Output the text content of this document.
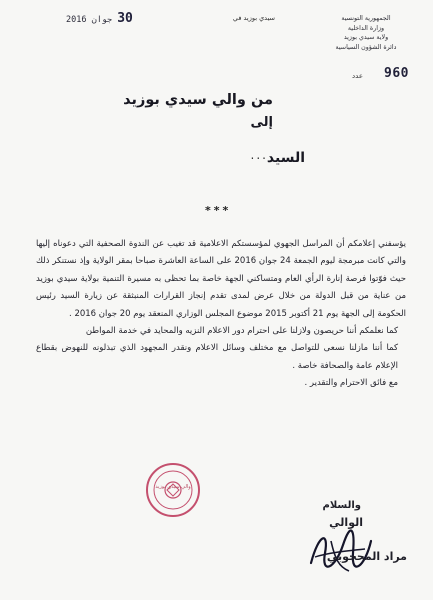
الجمهورية التونسية
وزارة الداخلية
ولاية سيدي بوزيد
دائرة الشؤون السياسية
عدد 960
سيدي بوزيد في
2016 جوان 30
من والي سيدي بوزيد
إلى
السيد
...
***

يؤسفني إعلامكم أن المراسل الجهوي لمؤسستكم الاعلامية قد تغيب عن الندوة الصحفية التي دعوناه إليها والتي كانت مبرمجة ليوم الجمعة 24 جوان 2016 على الساعة العاشرة صباحا بمقر الولاية وإذ نستنكر ذلك حيث فوّتوا فرصة إنارة الرأي العام ومتساكني الجهة خاصة بما تحظى به مسيرة التنمية بولاية سيدي بوزيد من عناية من قبل الدولة من خلال عرض لمدى تقدم إنجاز القرارات المنبثقة عن زيارة السيد رئيس الحكومة إلى الجهة يوم 21 أكتوبر 2015 موضوع المجلس الوزاري المنعقد يوم 20 جوان 2016 .

كما نعلمكم أننا حريصون ولازلنا على احترام دور الاعلام النزيه والمحايد في خدمة المواطن

كما أننا مازلنا نسعى للتواصل مع مختلف وسائل الاعلام ونقدر المجهود الذي تبذلونه للنهوض بقطاع الإعلام عامة والصحافة خاصة .

مع فائق الاحترام والتقدير .

والسلام
الوالي
مراد المحجوبي
والي سيدي بوزيد
